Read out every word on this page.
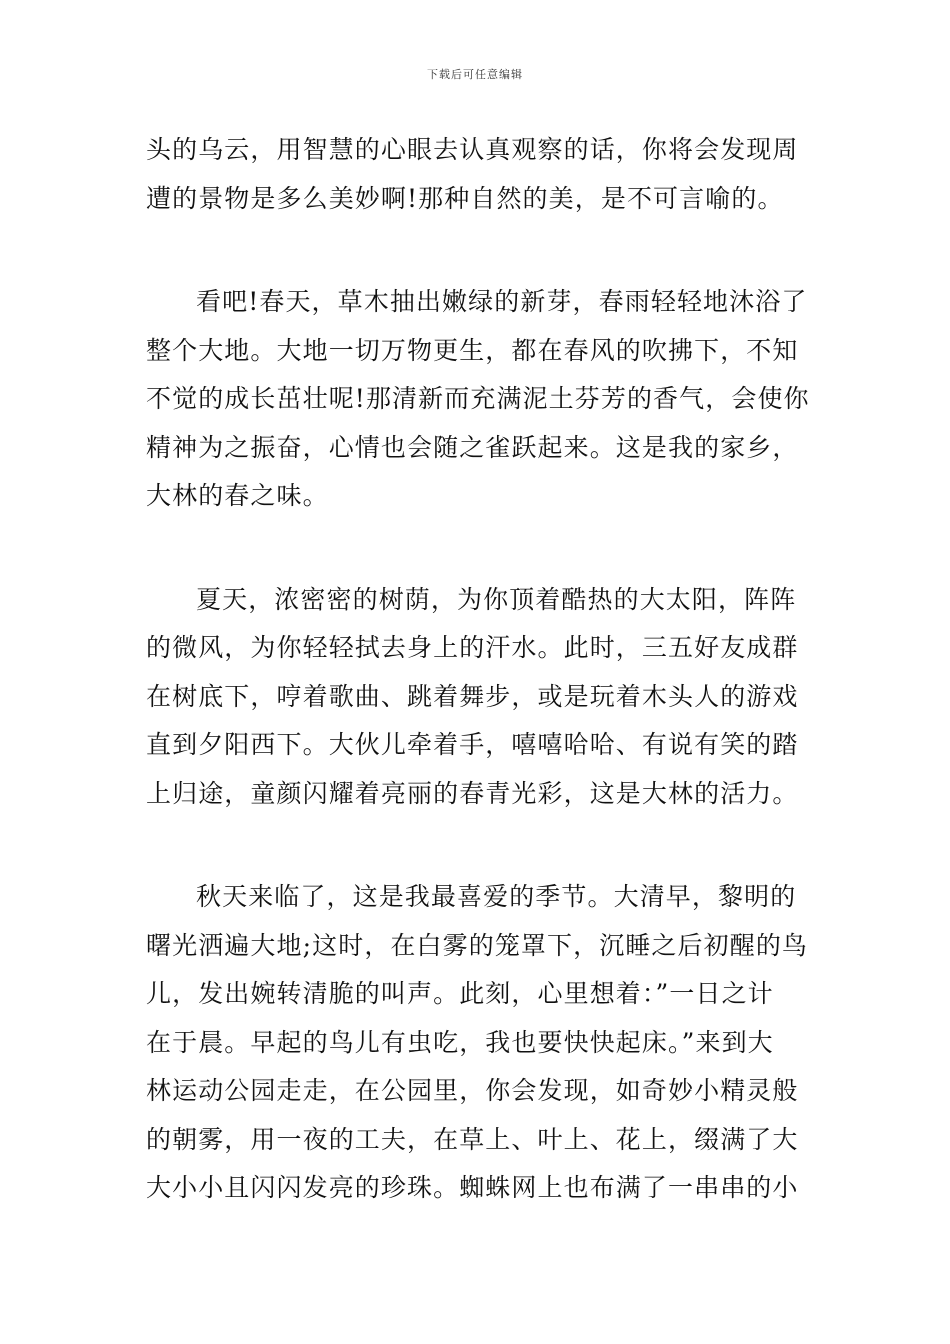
下载后可任意编辑
头的乌云，用智慧的心眼去认真观察的话，你将会发现周
遭的景物是多么美妙啊!那种自然的美，是不可言喻的。
看吧!春天，草木抽出嫩绿的新芽，春雨轻轻地沐浴了
整个大地。大地一切万物更生，都在春风的吹拂下，不知
不觉的成长茁壮呢!那清新而充满泥土芬芳的香气，会使你
精神为之振奋，心情也会随之雀跃起来。这是我的家乡，
大林的春之味。
夏天，浓密密的树荫，为你顶着酷热的大太阳，阵阵
的微风，为你轻轻拭去身上的汗水。此时，三五好友成群
在树底下，哼着歌曲、跳着舞步，或是玩着木头人的游戏
直到夕阳西下。大伙儿牵着手，嘻嘻哈哈、有说有笑的踏
上归途，童颜闪耀着亮丽的春青光彩，这是大林的活力。
秋天来临了，这是我最喜爱的季节。大清早，黎明的
曙光洒遍大地;这时，在白雾的笼罩下，沉睡之后初醒的鸟
儿，发出婉转清脆的叫声。此刻，心里想着：”一日之计
在于晨。早起的鸟儿有虫吃，我也要快快起床。”来到大
林运动公园走走，在公园里，你会发现，如奇妙小精灵般
的朝雾，用一夜的工夫，在草上、叶上、花上，缀满了大
大小小且闪闪发亮的珍珠。蜘蛛网上也布满了一串串的小
